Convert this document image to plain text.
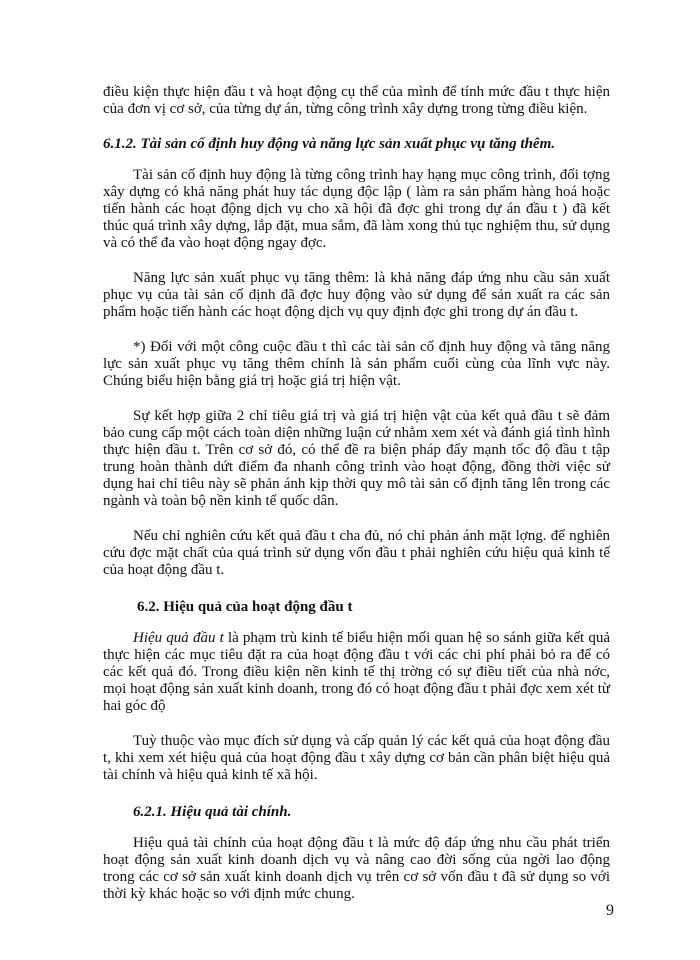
điều kiện thực hiện đầu t và hoạt động cụ thể của mình để tính mức đầu t thực hiện của đơn vị cơ sở, của từng dự án, từng công trình xây dựng trong từng điều kiện.

6.1.2. Tài sản cố định huy động và năng lực sản xuất phục vụ tăng thêm.

Tài sản cố định huy động là từng công trình hay hạng mục công trình, đối tợng xây dựng có khả năng phát huy tác dụng độc lập ( làm ra sản phẩm hàng hoá hoặc tiến hành các hoạt động dịch vụ cho xã hội đã đợc ghi trong dự án đầu t ) đã kết thúc quá trình xây dựng, lắp đặt, mua sắm, đã làm xong thủ tục nghiệm thu, sử dụng và có thể đa vào hoạt động ngay đợc.

Năng lực sản xuất phục vụ tăng thêm: là khả năng đáp ứng nhu cầu sản xuất phục vụ của tài sản cố định đã đợc huy động vào sử dụng để sản xuất ra các sản phẩm hoặc tiến hành các hoạt động dịch vụ quy định đợc ghi trong dự án đầu t.

*) Đối với một công cuộc đầu t thì các tài sản cố định huy động và tăng năng lực sản xuất phục vụ tăng thêm chính là sản phẩm cuối cùng của lĩnh vực này. Chúng biểu hiện bằng giá trị hoặc giá trị hiện vật.

Sự kết hợp giữa 2 chỉ tiêu giá trị và giá trị hiện vật của kết quả đầu t sẽ đảm bảo cung cấp một cách toàn diện những luận cứ nhằm xem xét và đánh giá tình hình thực hiện đầu t. Trên cơ sở đó, có thể đề ra biện pháp đẩy mạnh tốc độ đầu t tập trung hoàn thành dứt điểm đa nhanh công trình vào hoạt động, đồng thời việc sử dụng hai chỉ tiêu này sẽ phản ánh kịp thời quy mô tài sản cố định tăng lên trong các ngành và toàn bộ nền kinh tế quốc dân.

Nếu chỉ nghiên cứu kết quả đầu t cha đủ, nó chỉ phản ánh mặt lợng. để nghiên cứu đợc mặt chất của quá trình sử dụng vốn đầu t phải nghiên cứu hiệu quả kinh tế của hoạt động đầu t.

6.2. Hiệu quả của hoạt động đầu t

Hiệu quả đầu t là phạm trù kinh tế biểu hiện mối quan hệ so sánh giữa kết quả thực hiện các mục tiêu đặt ra của hoạt động đầu t với các chi phí phải bỏ ra để có các kết quả đó. Trong điều kiện nền kinh tế thị trờng có sự điều tiết của nhà nớc, mọi hoạt động sản xuất kinh doanh, trong đó có hoạt động đầu t phải đợc xem xét từ hai góc độ

Tuỳ thuộc vào mục đích sử dụng và cấp quản lý các kết quả của hoạt động đầu t, khi xem xét hiệu quả của hoạt động đầu t xây dựng cơ bản cần phân biệt hiệu quả tài chính và hiệu quả kinh tế xã hội.

6.2.1. Hiệu quả tài chính.

Hiệu quả tài chính của hoạt động đầu t là mức độ đáp ứng nhu cầu phát triển hoạt động sản xuất kinh doanh dịch vụ và nâng cao đời sống của ngời lao động trong các cơ sở sản xuất kinh doanh dịch vụ trên cơ sở vốn đầu t đã sử dụng so với thời kỳ khác hoặc so với định mức chung.

9
